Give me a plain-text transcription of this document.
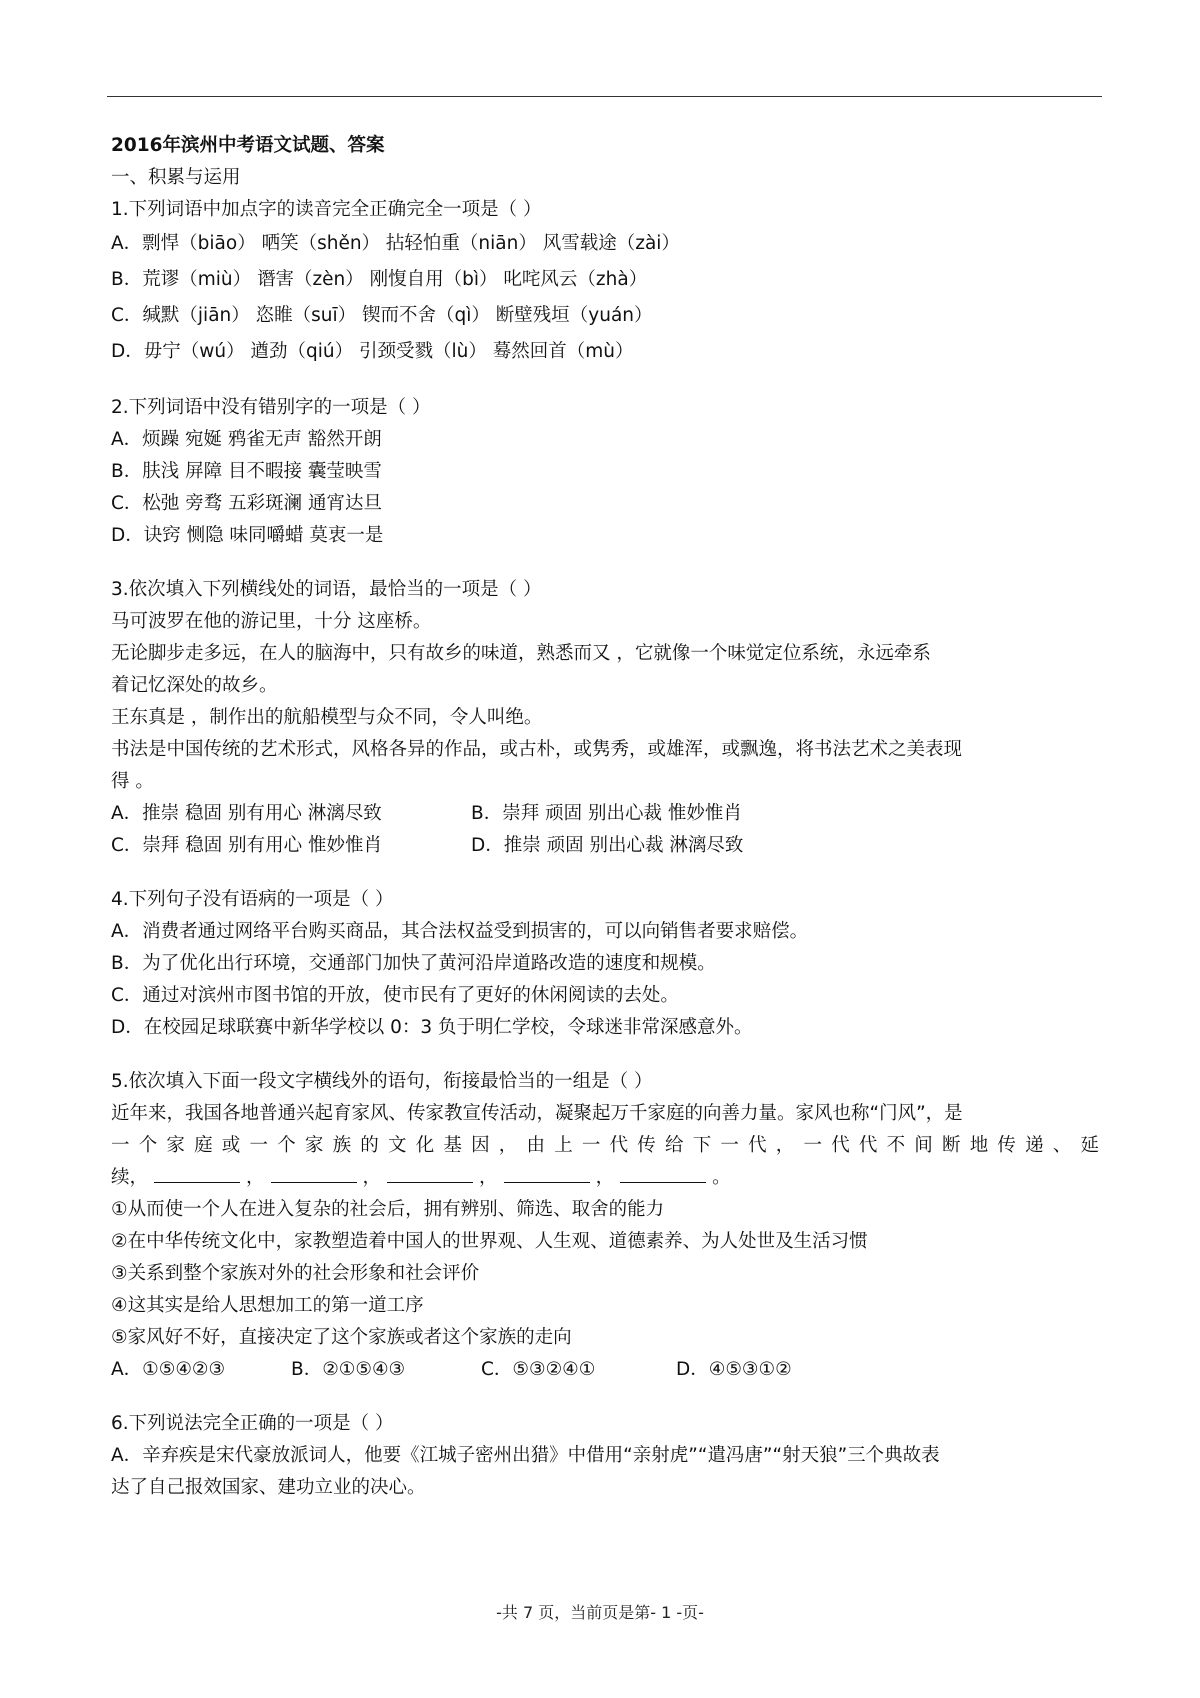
2016年滨州中考语文试题、答案
一、积累与运用
1.下列词语中加点字的读音完全正确完全一项是（ ）
A．剽悍（biāo） 哂笑（shěn） 拈轻怕重（niān） 风雪载途（zài）
B．荒谬（miù） 谮害（zèn） 刚愎自用（bì） 叱咤风云（zhà）
C．缄默（jiān） 恣睢（suī） 锲而不舍（qì） 断壁残垣（yuán）
D．毋宁（wú） 遒劲（qiú） 引颈受戮（lù） 蓦然回首（mù）
2.下列词语中没有错别字的一项是（ ）
A．烦躁 宛娫 鸦雀无声 豁然开朗
B．肤浅 屏障 目不暇接 囊莹映雪
C．松弛 旁骛 五彩斑澜 通宵达旦
D．诀窍 恻隐 味同嚼蜡 莫衷一是
3.依次填入下列横线处的词语，最恰当的一项是（ ）
马可波罗在他的游记里，十分 这座桥。
无论脚步走多远，在人的脑海中，只有故乡的味道，熟悉而又 ，它就像一个味觉定位系统，永远牵系
着记忆深处的故乡。
王东真是 ，制作出的航船模型与众不同，令人叫绝。
书法是中国传统的艺术形式，风格各异的作品，或古朴，或隽秀，或雄浑，或飘逸，将书法艺术之美表现
得 。
A．推崇 稳固 别有用心 淋漓尽致	B．崇拜 顽固 别出心裁 惟妙惟肖
C．崇拜 稳固 别有用心 惟妙惟肖	D．推崇 顽固 别出心裁 淋漓尽致
4.下列句子没有语病的一项是（ ）
A．消费者通过网络平台购买商品，其合法权益受到损害的，可以向销售者要求赔偿。
B．为了优化出行环境，交通部门加快了黄河沿岸道路改造的速度和规模。
C．通过对滨州市图书馆的开放，使市民有了更好的休闲阅读的去处。
D．在校园足球联赛中新华学校以 0：3 负于明仁学校，令球迷非常深感意外。
5.依次填入下面一段文字横线外的语句，衔接最恰当的一组是（ ）
近年来，我国各地普通兴起育家风、传家教宣传活动，凝聚起万千家庭的向善力量。家风也称“门风”，是
一个家庭或一个家族的文化基因，由上一代传给下一代，一代代不间断地传递、延
续，	，	，	，	，	。
①从而使一个人在进入复杂的社会后，拥有辨别、筛选、取舍的能力
②在中华传统文化中，家教塑造着中国人的世界观、人生观、道德素养、为人处世及生活习惯
③关系到整个家族对外的社会形象和社会评价
④这其实是给人思想加工的第一道工序
⑤家风好不好，直接决定了这个家族或者这个家族的走向
A．①⑤④②③	B．②①⑤④③	C．⑤③②④①	D．④⑤③①②
6.下列说法完全正确的一项是（ ）
A．辛弃疾是宋代豪放派词人，他要《江城子密州出猎》中借用“亲射虎”“遣冯唐”“射天狼”三个典故表
达了自己报效国家、建功立业的决心。
-共 7 页，当前页是第- 1 -页-
